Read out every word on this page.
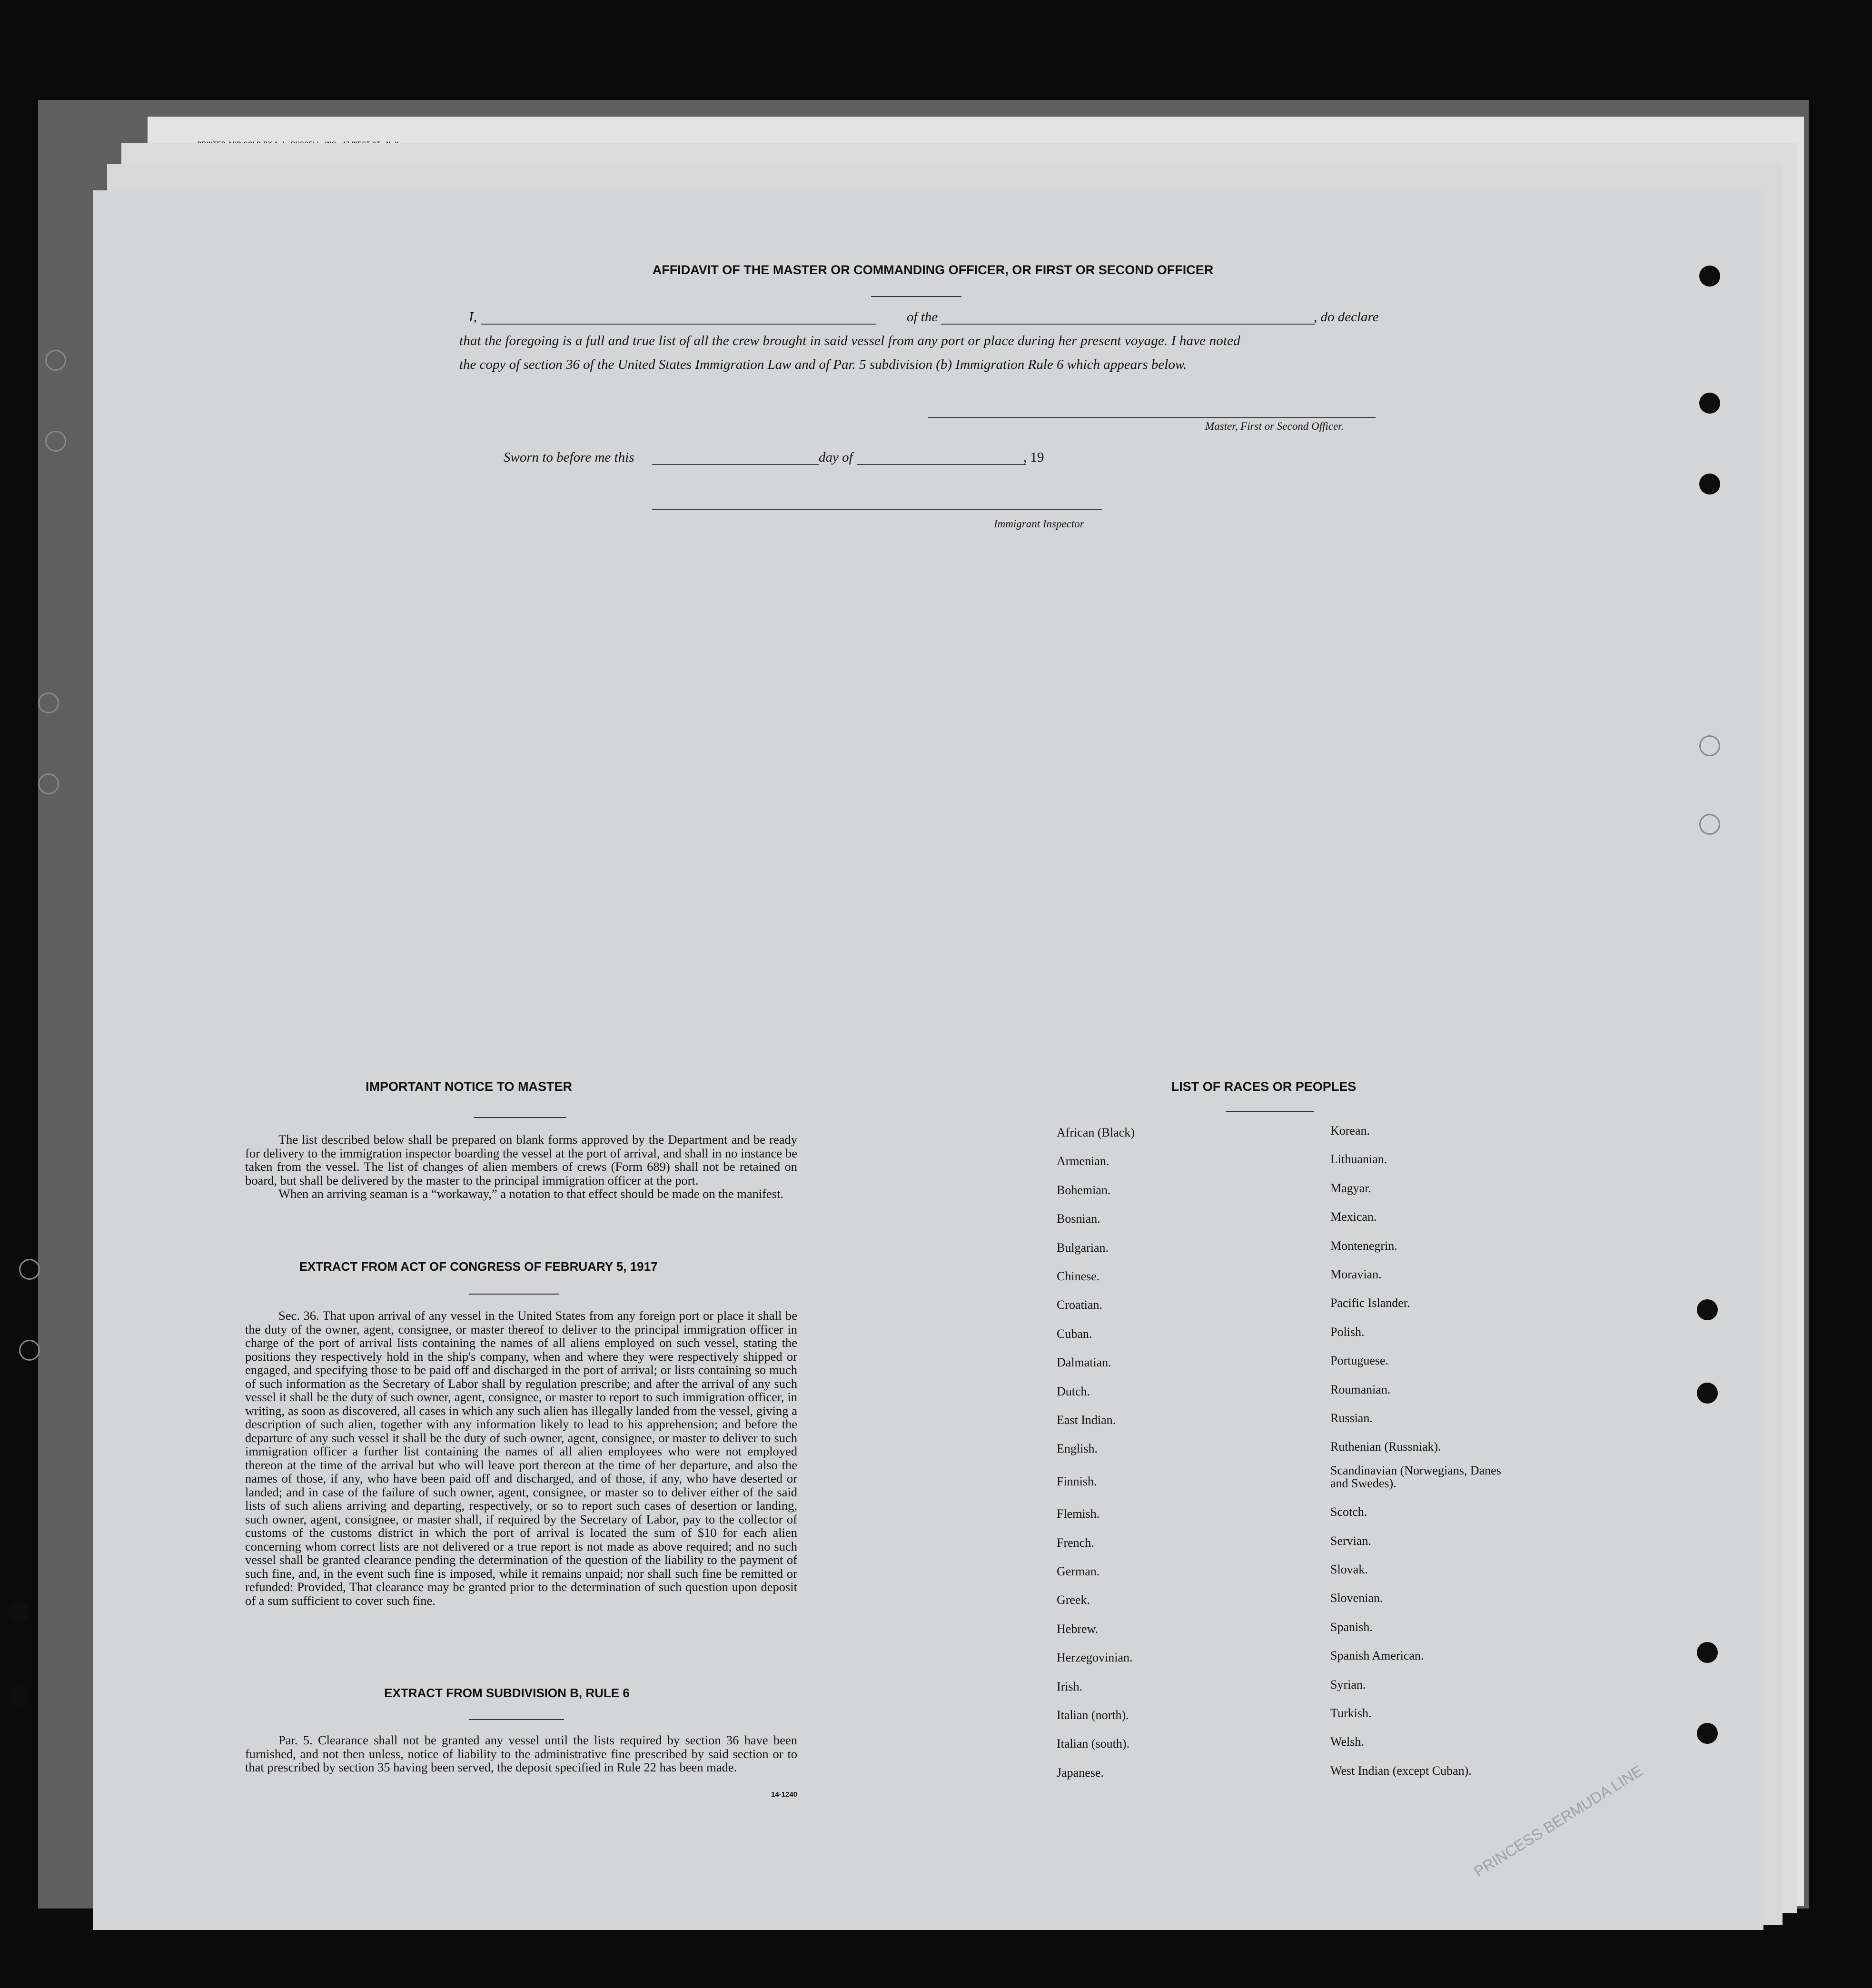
AFFIDAVIT OF THE MASTER OR COMMANDING OFFICER, OR FIRST OR SECOND OFFICER
I,	of the	, do declare
that the foregoing is a full and true list of all the crew brought in said vessel from any port or place during her present voyage. I have noted
the copy of section 36 of the United States Immigration Law and of Par. 5 subdivision (b) Immigration Rule 6 which appears below.
Master, First or Second Officer.
Sworn to before me this	day of	, 19
Immigrant Inspector
IMPORTANT NOTICE TO MASTER

The list described below shall be prepared on blank forms approved by the Department and be ready for delivery to the immigration inspector boarding the vessel at the port of arrival, and shall in no instance be taken from the vessel. The list of changes of alien members of crews (Form 689) shall not be retained on board, but shall be delivered by the master to the principal immigration officer at the port.

When an arriving seaman is a “workaway,” a notation to that effect should be made on the manifest.

EXTRACT FROM ACT OF CONGRESS OF FEBRUARY 5, 1917

Sec. 36. That upon arrival of any vessel in the United States from any foreign port or place it shall be the duty of the owner, agent, consignee, or master thereof to deliver to the principal immigration officer in charge of the port of arrival lists containing the names of all aliens employed on such vessel, stating the positions they respectively hold in the ship's company, when and where they were respectively shipped or engaged, and specifying those to be paid off and discharged in the port of arrival; or lists containing so much of such information as the Secretary of Labor shall by regulation prescribe; and after the arrival of any such vessel it shall be the duty of such owner, agent, consignee, or master to report to such immigration officer, in writing, as soon as discovered, all cases in which any such alien has illegally landed from the vessel, giving a description of such alien, together with any information likely to lead to his apprehension; and before the departure of any such vessel it shall be the duty of such owner, agent, consignee, or master to deliver to such immigration officer a further list containing the names of all alien employees who were not employed thereon at the time of the arrival but who will leave port thereon at the time of her departure, and also the names of those, if any, who have been paid off and discharged, and of those, if any, who have deserted or landed; and in case of the failure of such owner, agent, consignee, or master so to deliver either of the said lists of such aliens arriving and departing, respectively, or so to report such cases of desertion or landing, such owner, agent, consignee, or master shall, if required by the Secretary of Labor, pay to the collector of customs of the customs district in which the port of arrival is located the sum of $10 for each alien concerning whom correct lists are not delivered or a true report is not made as above required; and no such vessel shall be granted clearance pending the determination of the question of the liability to the payment of such fine, and, in the event such fine is imposed, while it remains unpaid; nor shall such fine be remitted or refunded: Provided, That clearance may be granted prior to the determination of such question upon deposit of a sum sufficient to cover such fine.

EXTRACT FROM SUBDIVISION B, RULE 6

Par. 5. Clearance shall not be granted any vessel until the lists required by section 36 have been furnished, and not then unless, notice of liability to the administrative fine prescribed by said section or to that prescribed by section 35 having been served, the deposit specified in Rule 22 has been made.

14-1240
LIST OF RACES OR PEOPLES
African (Black)
Armenian.
Bohemian.
Bosnian.
Bulgarian.
Chinese.
Croatian.
Cuban.
Dalmatian.
Dutch.
East Indian.
English.
Finnish.
Flemish.
French.
German.
Greek.
Hebrew.
Herzegovinian.
Irish.
Italian (north).
Italian (south).
Japanese.
Korean.
Lithuanian.
Magyar.
Mexican.
Montenegrin.
Moravian.
Pacific Islander.
Polish.
Portuguese.
Roumanian.
Russian.
Ruthenian (Russniak).
Scandinavian (Norwegians, Danes and Swedes).
Scotch.
Servian.
Slovak.
Slovenian.
Spanish.
Spanish American.
Syrian.
Turkish.
Welsh.
West Indian (except Cuban).
PRINCESS BERMUDA LINE
